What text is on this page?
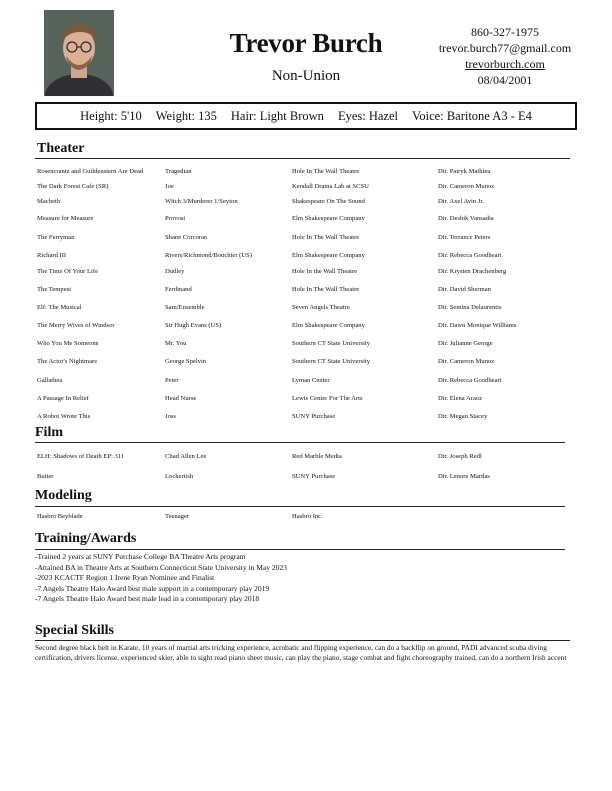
Trevor Burch
Non-Union
860-327-1975
trevor.burch77@gmail.com
trevorburch.com
08/04/2001
Height: 5'10 Weight: 135 Hair: Light Brown Eyes: Hazel Voice: Baritone A3 - E4
Theater
Rosencrantz and Guildenstern Are Dead	Tragedian	Hole In The Wall Theatre	Dir. Patryk Mathieu
The Dark Forest Cafe (SR)	Joe	Kendall Drama Lab at SCSU	Dir. Cameron Munoz
Macbeth	Witch 3/Murderer 1/Seyton	Shakespeare On The Sound	Dir. Axel Avin Jr.
Measure for Measure	Provost	Elm Shakespeare Company	Dir. Deshik Vansadia
The Ferryman	Shane Corcoran	Hole In The Wall Theatre	Dir. Terrance Peters
Richard III	Rivers/Richmond/Bouchier (US)	Elm Shakespeare Company	Dir. Rebecca Goodheart
The Time Of Your Life	Dudley	Hole In the Wall Theatre	Dir. Krysten Drachenberg
The Tempest	Ferdinand	Hole In The Wall Theatre	Dir. David Sherman
Elf: The Musical	Sam/Ensemble	Seven Angels Theatre	Dir. Semina Delaurentis
The Merry Wives of Windsor	Sir Hugh Evans (US)	Elm Shakespeare Company	Dir. Dawn Monique Williams
Who You Me Someone	Mr. You	Southern CT State University	Dir. Julianne George
The Actor's Nightmare	George Spelvin	Southern CT State University	Dir. Cameron Munoz
Gallathea	Peter	Lyman Center	Dir. Rebecca Goodheart
A Passage In Relief	Head Nurse	Lewis Center For The Arts	Dir. Elena Araoz
A Robot Wrote This	Joss	SUNY Purchase	Dir. Megan Stacey
Film
ELH: Shadows of Death EP: 311	Chad Allen Lee	Red Marble Media	Dir. Joseph Redl
Butter	Lockertish	SUNY Purchase	Dir. Lenore Mardas
Modeling
Hasbro Beyblade	Teenager	Hasbro Inc.
Training/Awards
-Trained 2 years at SUNY Purchase College BA Theatre Arts program
-Attained BA in Theatre Arts at Southern Connecticut State University in May 2023
-2023 KCACTF Region 1 Irene Ryan Nominee and Finalist
-7 Angels Theatre Halo Award best male support in a contemporary play 2019
-7 Angels Theatre Halo Award best male lead in a contemporary play 2018
Special Skills
Second degree black belt in Karate, 10 years of martial arts tricking experience, acrobatic and flipping experience, can do a backflip on ground, PADI advanced scuba diving certification, drivers license, experienced skier, able to sight read piano sheet music, can play the piano, stage combat and fight choreography trained, can do a northern Irish accent
